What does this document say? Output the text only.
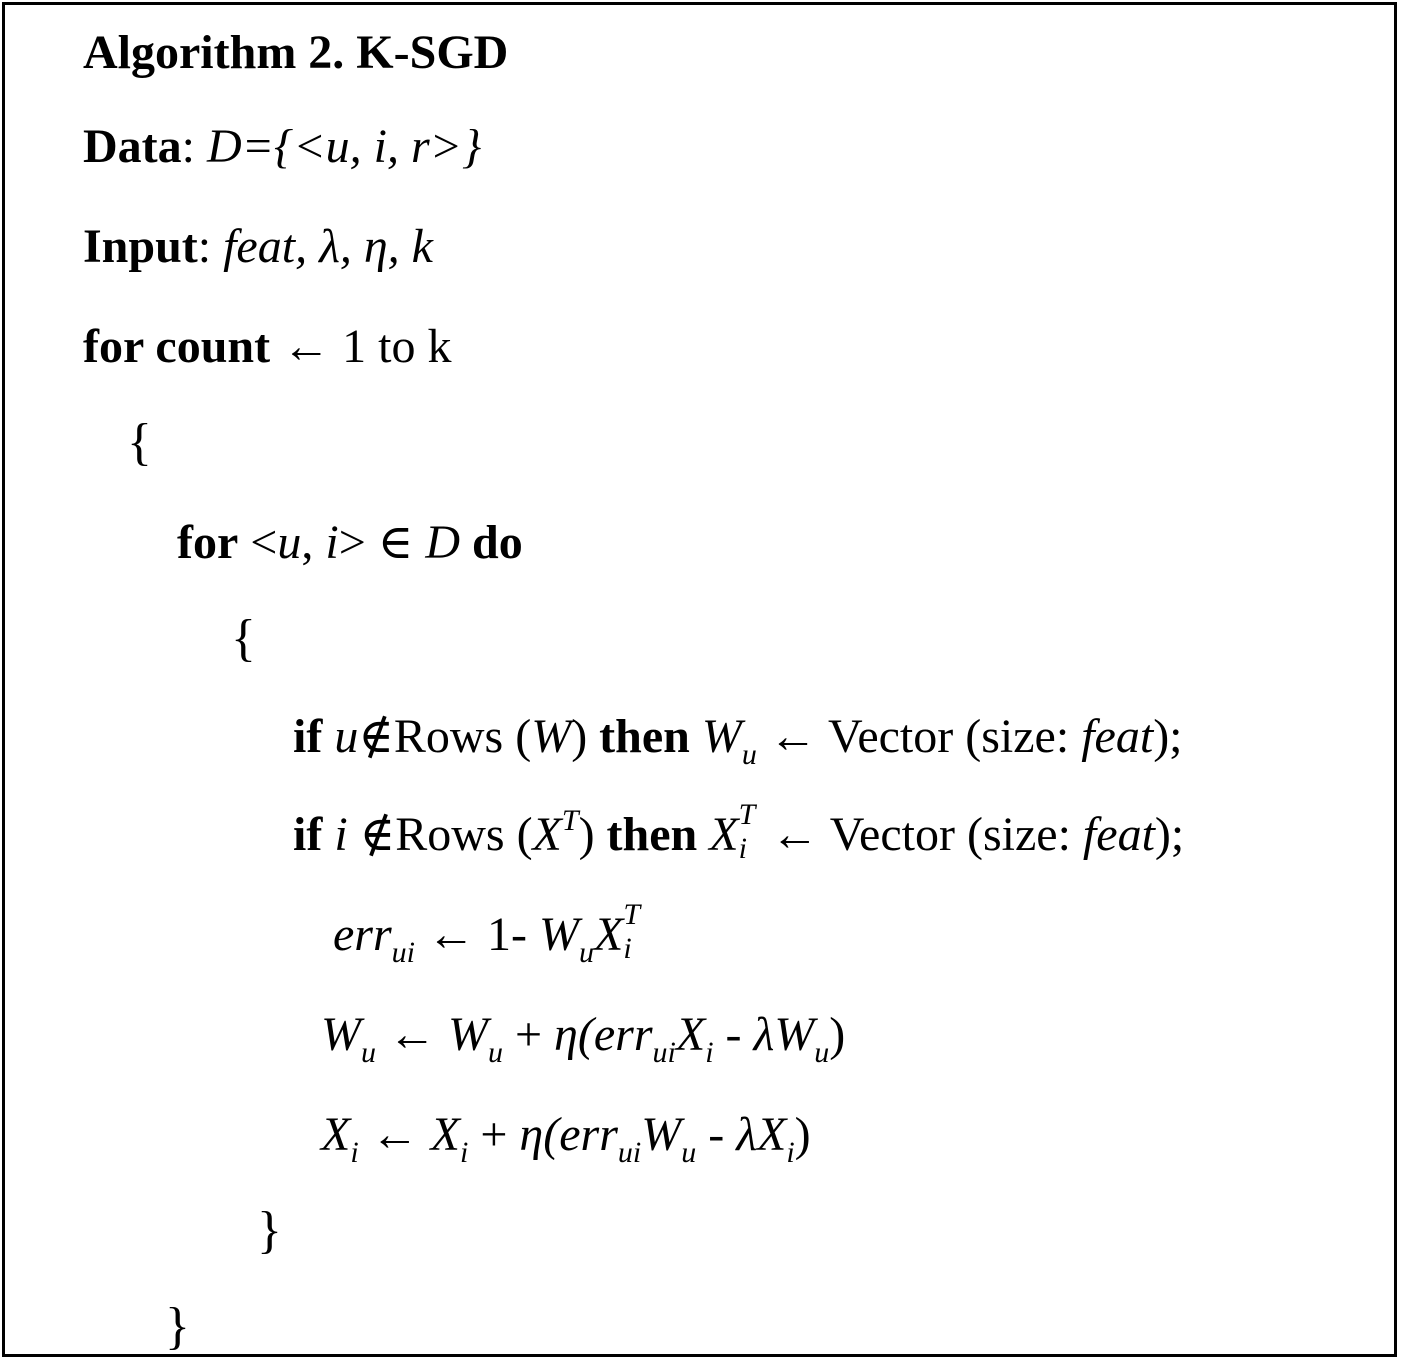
Algorithm 2. K-SGD
Data: D={<u, i, r>}
Input: feat, λ, η, k
for count ← 1 to k
{
for <u, i> ∈ D do
{
if u∉Rows (W) then $W_u$ ← Vector (size: feat);
if i ∉Rows $(X^T)$ then X T
i ← Vector (size: feat);
err$_{ui}$ ← 1- $W_uX$ T
i
$W_u$ ← $W_u + \eta(err_{ui}X_i - \lambda W_u)$
$X_i$ ← $X_i + \eta(err_{ui}W_u - \lambda X_i)$
}
}
